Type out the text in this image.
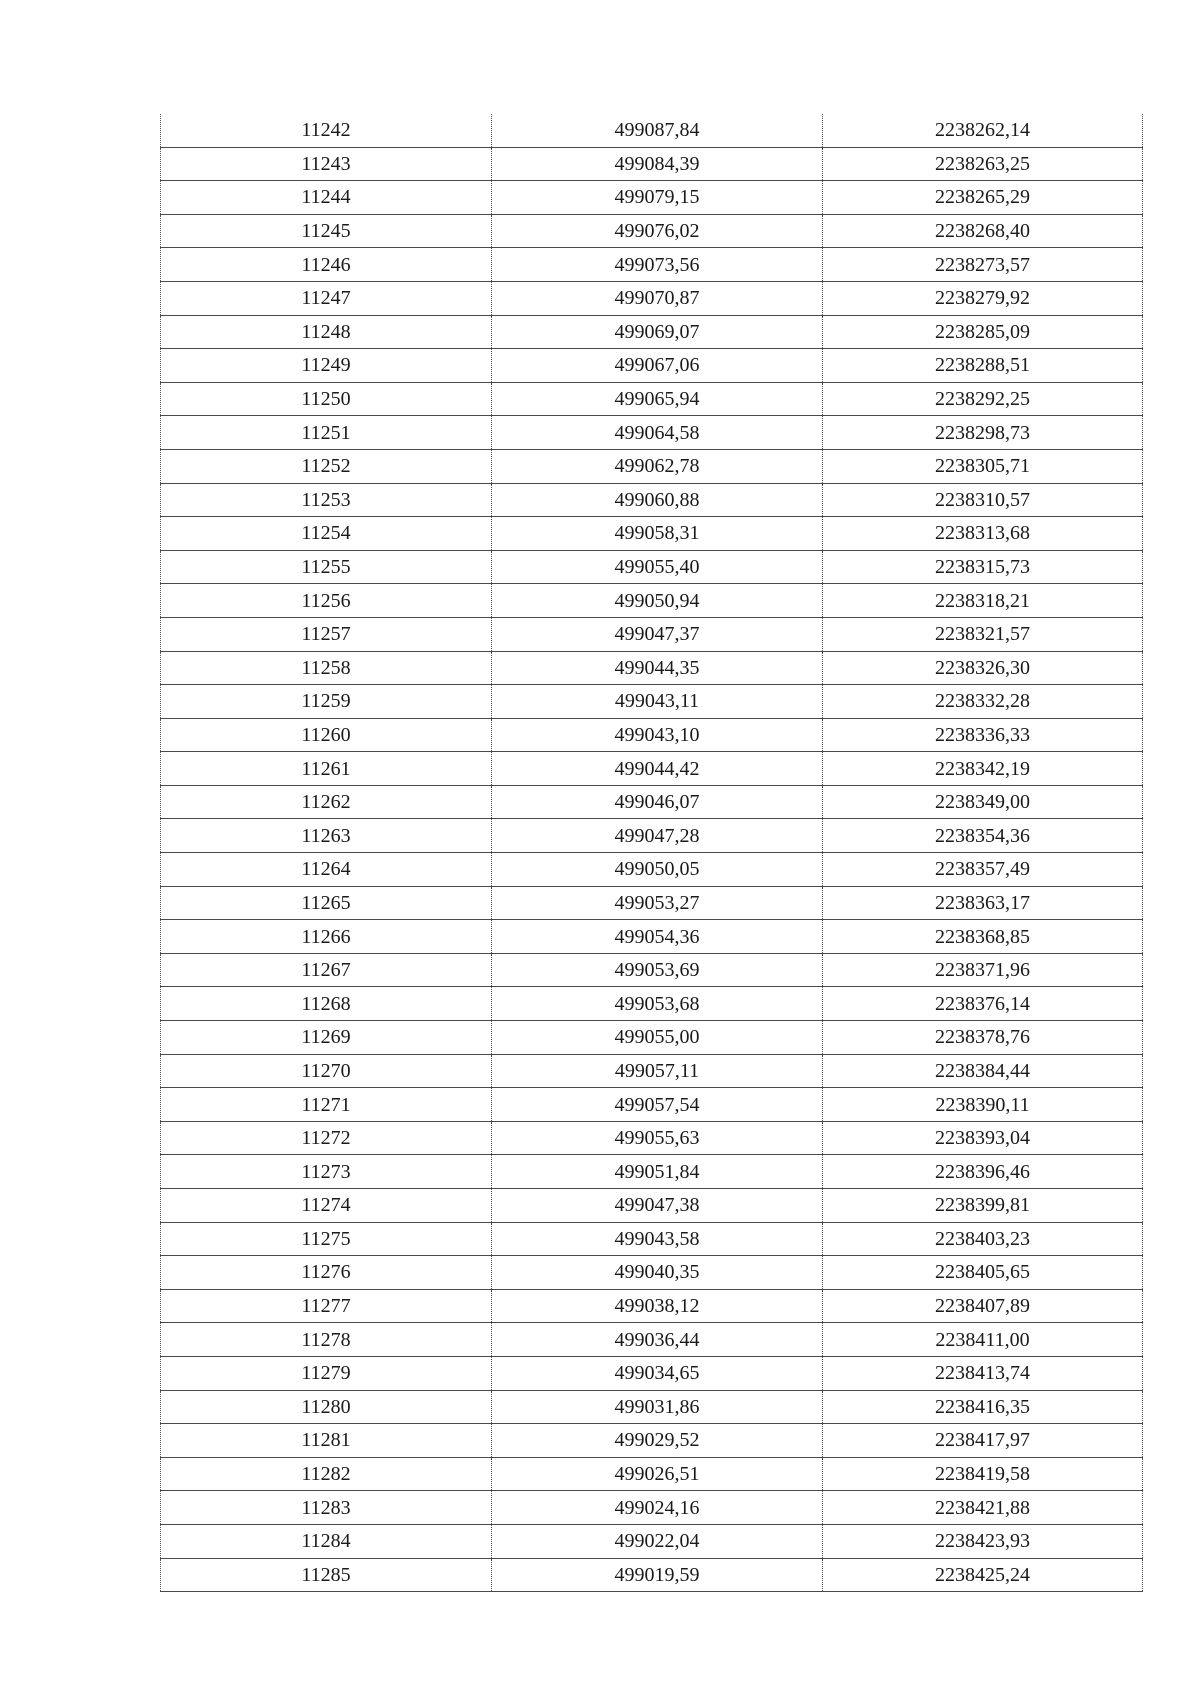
11242	499087,84	2238262,14
11243	499084,39	2238263,25
11244	499079,15	2238265,29
11245	499076,02	2238268,40
11246	499073,56	2238273,57
11247	499070,87	2238279,92
11248	499069,07	2238285,09
11249	499067,06	2238288,51
11250	499065,94	2238292,25
11251	499064,58	2238298,73
11252	499062,78	2238305,71
11253	499060,88	2238310,57
11254	499058,31	2238313,68
11255	499055,40	2238315,73
11256	499050,94	2238318,21
11257	499047,37	2238321,57
11258	499044,35	2238326,30
11259	499043,11	2238332,28
11260	499043,10	2238336,33
11261	499044,42	2238342,19
11262	499046,07	2238349,00
11263	499047,28	2238354,36
11264	499050,05	2238357,49
11265	499053,27	2238363,17
11266	499054,36	2238368,85
11267	499053,69	2238371,96
11268	499053,68	2238376,14
11269	499055,00	2238378,76
11270	499057,11	2238384,44
11271	499057,54	2238390,11
11272	499055,63	2238393,04
11273	499051,84	2238396,46
11274	499047,38	2238399,81
11275	499043,58	2238403,23
11276	499040,35	2238405,65
11277	499038,12	2238407,89
11278	499036,44	2238411,00
11279	499034,65	2238413,74
11280	499031,86	2238416,35
11281	499029,52	2238417,97
11282	499026,51	2238419,58
11283	499024,16	2238421,88
11284	499022,04	2238423,93
11285	499019,59	2238425,24
